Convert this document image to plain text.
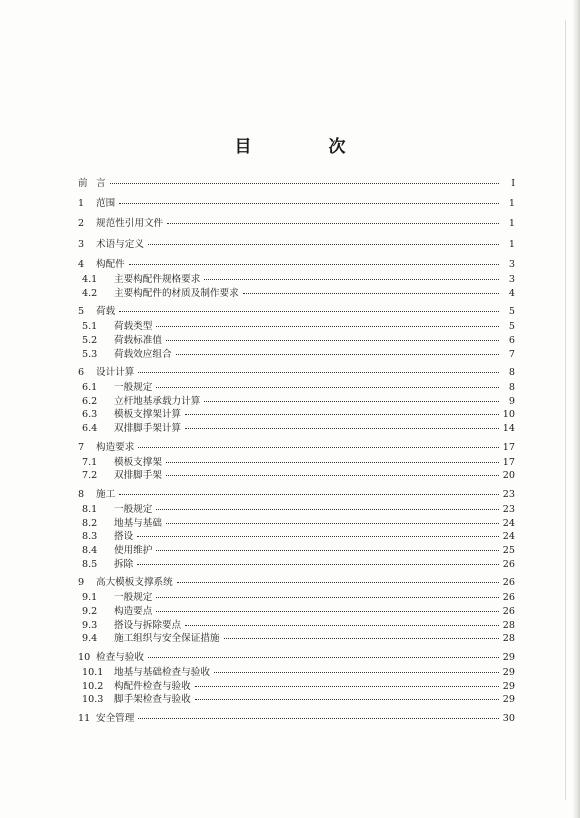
目　次
前 言	Ⅰ
1	范围	1
2	规范性引用文件	1
3	术语与定义	1
4	构配件	3
4.1	主要构配件规格要求	3
4.2	主要构配件的材质及制作要求	4
5	荷载	5
5.1	荷载类型	5
5.2	荷载标准值	6
5.3	荷载效应组合	7
6	设计计算	8
6.1	一般规定	8
6.2	立杆地基承载力计算	9
6.3	模板支撑架计算	10
6.4	双排脚手架计算	14
7	构造要求	17
7.1	模板支撑架	17
7.2	双排脚手架	20
8	施工	23
8.1	一般规定	23
8.2	地基与基础	24
8.3	搭设	24
8.4	使用维护	25
8.5	拆除	26
9	高大模板支撑系统	26
9.1	一般规定	26
9.2	构造要点	26
9.3	搭设与拆除要点	28
9.4	施工组织与安全保证措施	28
10 检查与验收	29
10.1	地基与基础检查与验收	29
10.2	构配件检查与验收	29
10.3	脚手架检查与验收	29
11 安全管理	30
